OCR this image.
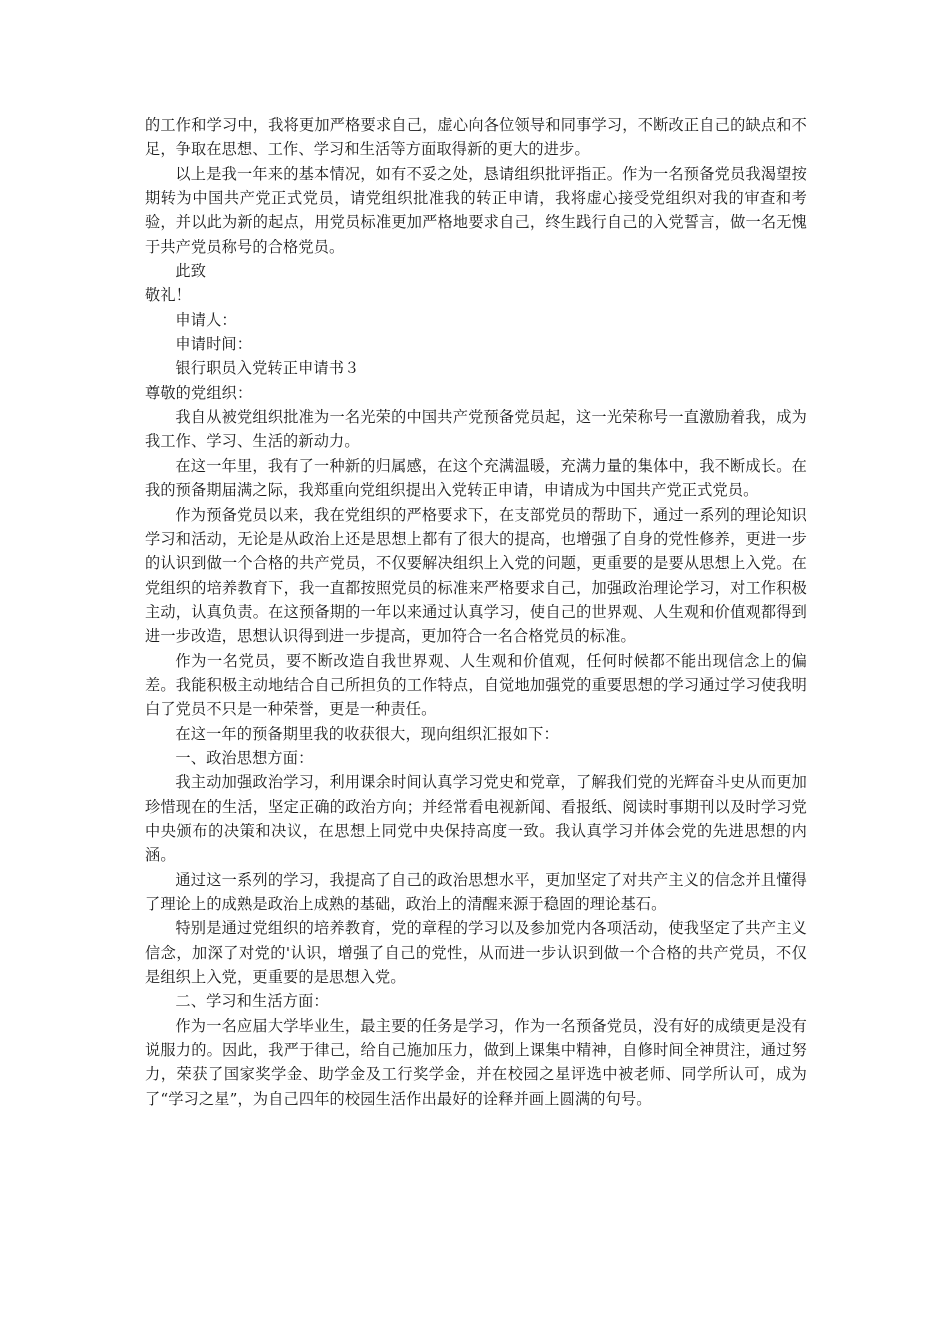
的工作和学习中，我将更加严格要求自己，虚心向各位领导和同事学习，不断改正自己的缺点和不足，争取在思想、工作、学习和生活等方面取得新的更大的进步。

以上是我一年来的基本情况，如有不妥之处，恳请组织批评指正。作为一名预备党员我渴望按期转为中国共产党正式党员，请党组织批准我的转正申请，我将虚心接受党组织对我的审查和考验，并以此为新的起点，用党员标准更加严格地要求自己，终生践行自己的入党誓言，做一名无愧于共产党员称号的合格党员。

此致

敬礼！

申请人：

申请时间：

银行职员入党转正申请书３

尊敬的党组织：

我自从被党组织批准为一名光荣的中国共产党预备党员起，这一光荣称号一直激励着我，成为我工作、学习、生活的新动力。

在这一年里，我有了一种新的归属感，在这个充满温暖，充满力量的集体中，我不断成长。在我的预备期届满之际，我郑重向党组织提出入党转正申请，申请成为中国共产党正式党员。

作为预备党员以来，我在党组织的严格要求下，在支部党员的帮助下，通过一系列的理论知识学习和活动，无论是从政治上还是思想上都有了很大的提高，也增强了自身的党性修养，更进一步的认识到做一个合格的共产党员，不仅要解决组织上入党的问题，更重要的是要从思想上入党。在党组织的培养教育下，我一直都按照党员的标准来严格要求自己，加强政治理论学习，对工作积极主动，认真负责。在这预备期的一年以来通过认真学习，使自己的世界观、人生观和价值观都得到进一步改造，思想认识得到进一步提高，更加符合一名合格党员的标准。

作为一名党员，要不断改造自我世界观、人生观和价值观，任何时候都不能出现信念上的偏差。我能积极主动地结合自己所担负的工作特点，自觉地加强党的重要思想的学习通过学习使我明白了党员不只是一种荣誉，更是一种责任。

在这一年的预备期里我的收获很大，现向组织汇报如下：

一、政治思想方面：

我主动加强政治学习，利用课余时间认真学习党史和党章，了解我们党的光辉奋斗史从而更加珍惜现在的生活，坚定正确的政治方向；并经常看电视新闻、看报纸、阅读时事期刊以及时学习党中央颁布的决策和决议，在思想上同党中央保持高度一致。我认真学习并体会党的先进思想的内涵。

通过这一系列的学习，我提高了自己的政治思想水平，更加坚定了对共产主义的信念并且懂得了理论上的成熟是政治上成熟的基础，政治上的清醒来源于稳固的理论基石。

特别是通过党组织的培养教育，党的章程的学习以及参加党内各项活动，使我坚定了共产主义信念，加深了对党的'认识，增强了自己的党性，从而进一步认识到做一个合格的共产党员，不仅是组织上入党，更重要的是思想入党。

二、学习和生活方面：

作为一名应届大学毕业生，最主要的任务是学习，作为一名预备党员，没有好的成绩更是没有说服力的。因此，我严于律己，给自己施加压力，做到上课集中精神，自修时间全神贯注，通过努力，荣获了国家奖学金、助学金及工行奖学金，并在校园之星评选中被老师、同学所认可，成为了“学习之星”，为自己四年的校园生活作出最好的诠释并画上圆满的句号。
